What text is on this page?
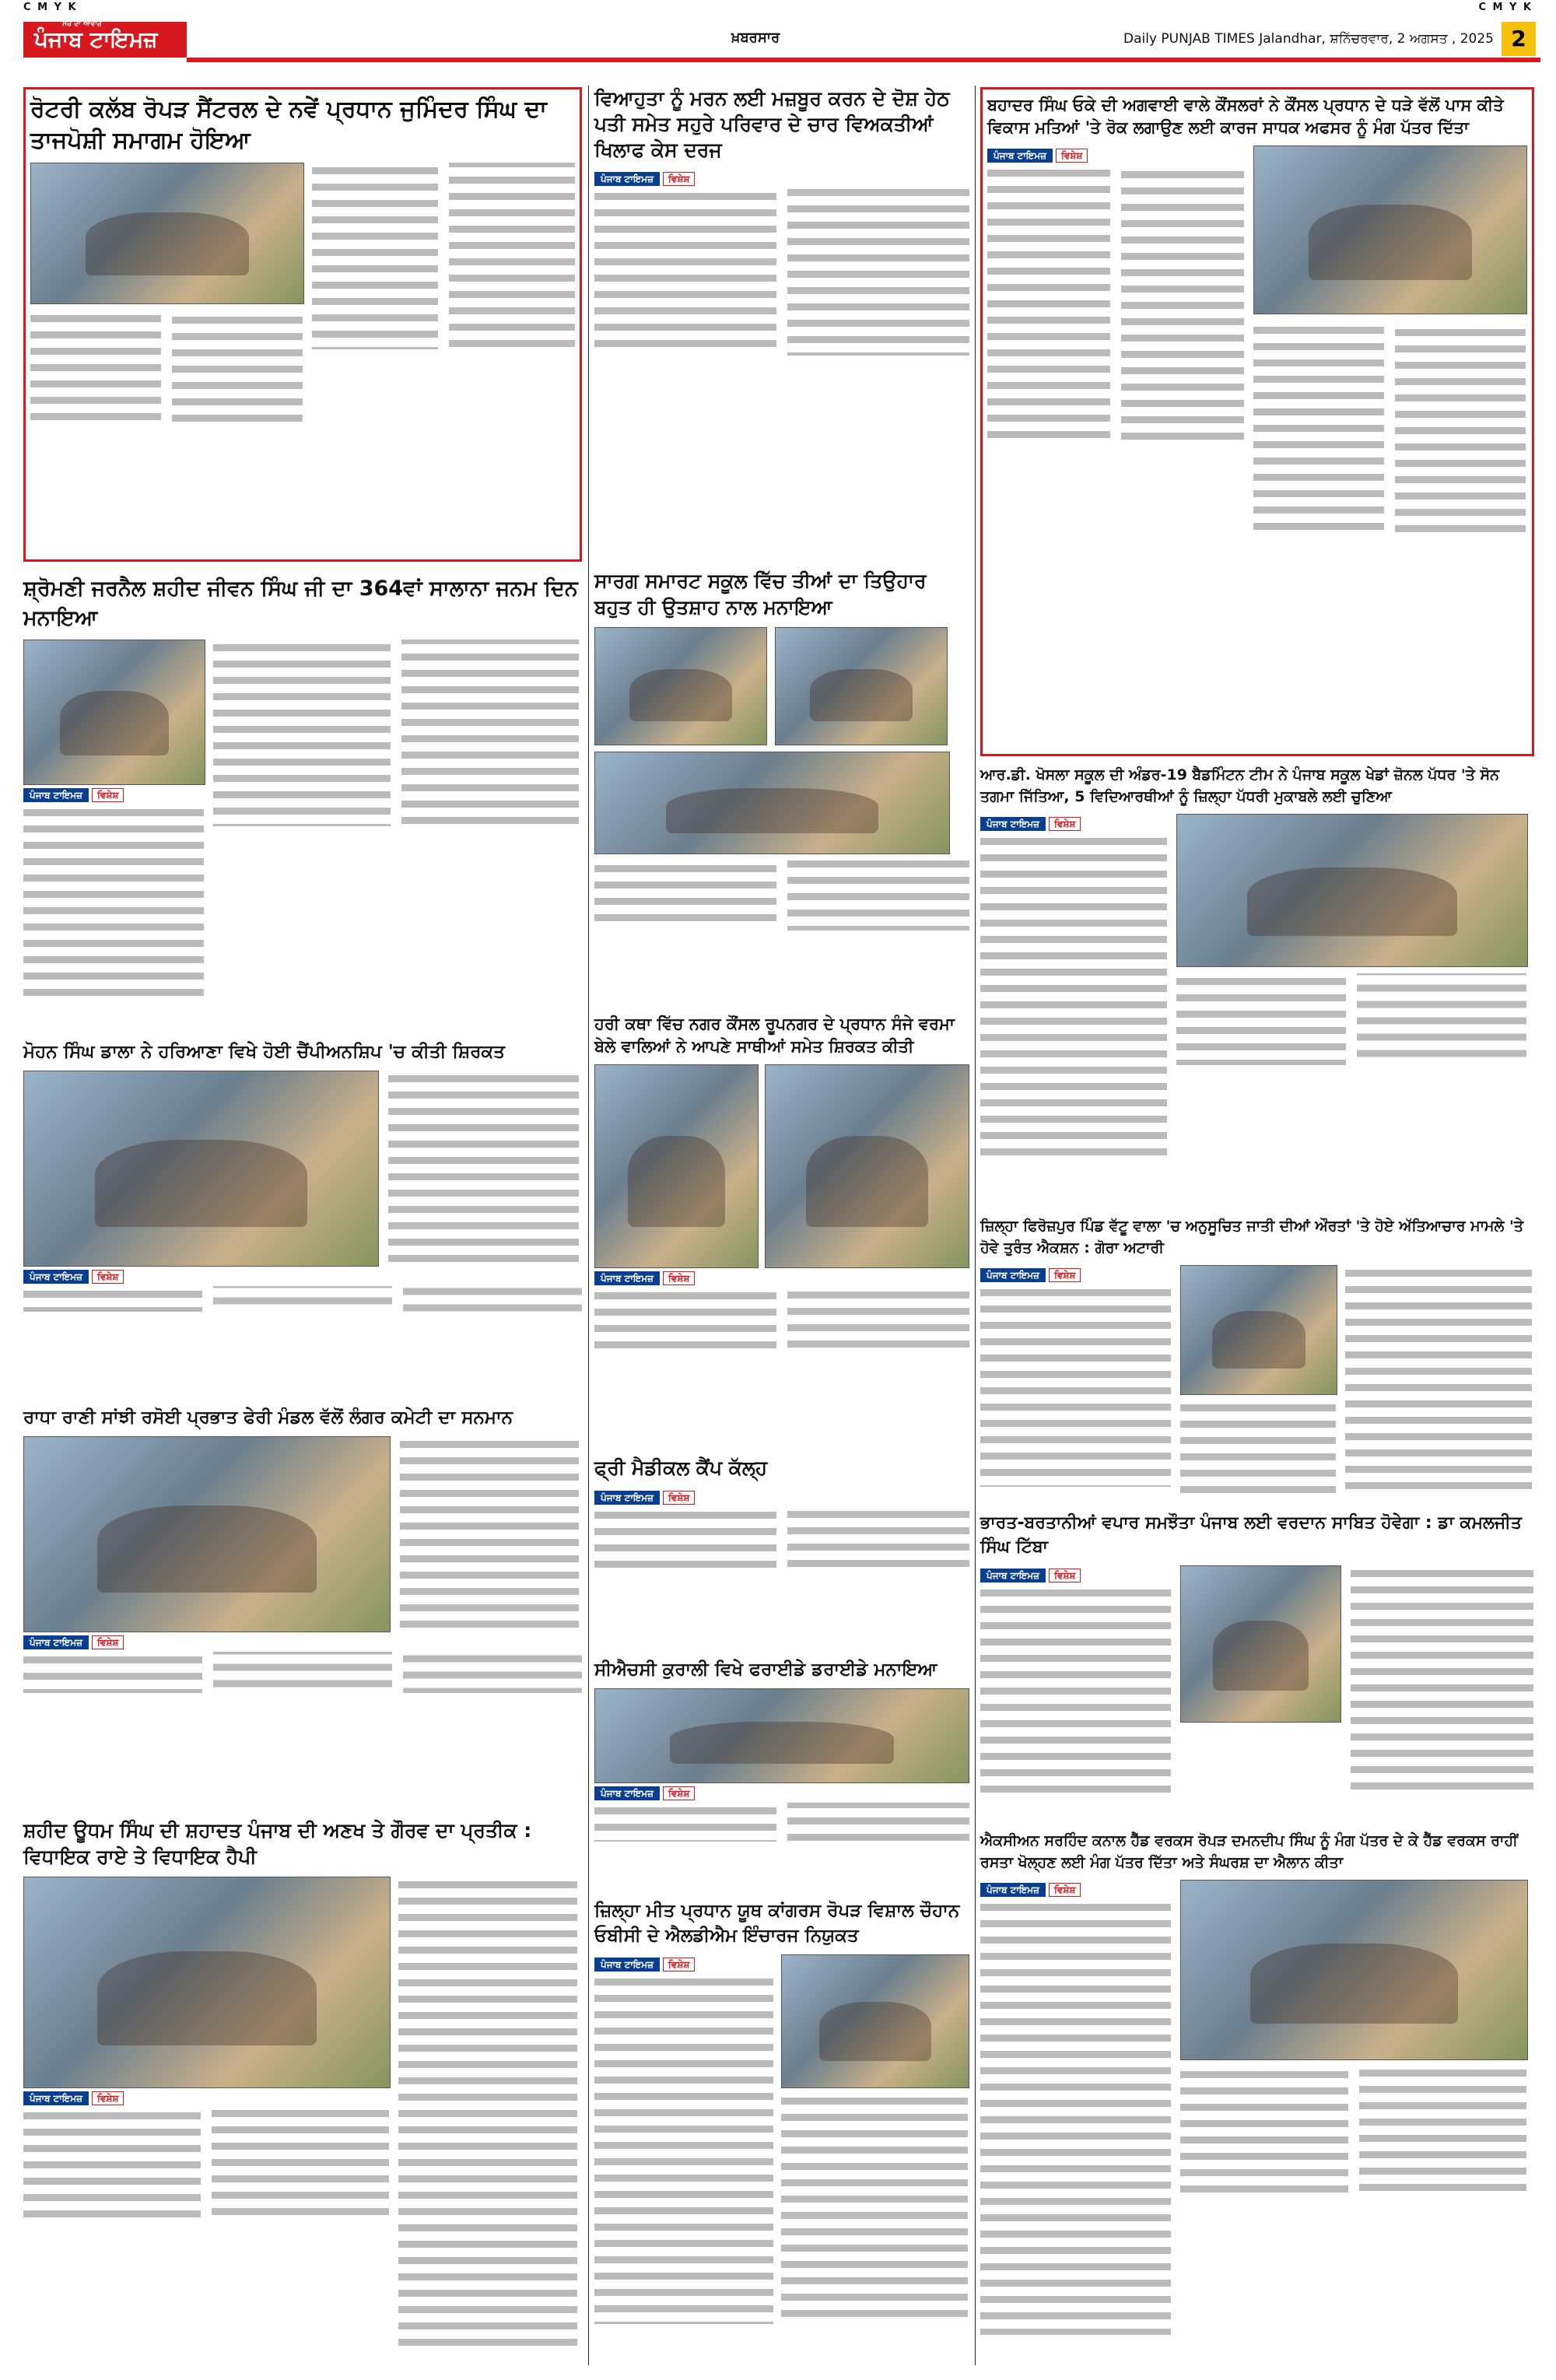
C M Y K	C M Y K
ਸੱਚ ਦਾ ਆਵਾਜ਼
ਪੰਜਾਬ ਟਾਇਮਜ਼	ਖ਼ਬਰਸਾਰ	Daily PUNJAB TIMES Jalandhar, ਸ਼ਨਿੱਚਰਵਾਰ, 2 ਅਗਸਤ , 2025 2
ਰੋਟਰੀ ਕਲੱਬ ਰੋਪੜ ਸੈਂਟਰਲ ਦੇ ਨਵੇਂ ਪ੍ਰਧਾਨ ਜੁਮਿੰਦਰ ਸਿੰਘ ਦਾ ਤਾਜਪੋਸ਼ੀ ਸਮਾਗਮ ਹੋਇਆ
ਵਿਆਹੁਤਾ ਨੂੰ ਮਰਨ ਲਈ ਮਜ਼ਬੂਰ ਕਰਨ ਦੇ ਦੋਸ਼ ਹੇਠ ਪਤੀ ਸਮੇਤ ਸਹੁਰੇ ਪਰਿਵਾਰ ਦੇ ਚਾਰ ਵਿਅਕਤੀਆਂ ਖਿਲਾਫ ਕੇਸ ਦਰਜ
ਪੰਜਾਬ ਟਾਇਮਜ਼ ਵਿਸ਼ੇਸ਼
ਬਹਾਦਰ ਸਿੰਘ ਓਕੇ ਦੀ ਅਗਵਾਈ ਵਾਲੇ ਕੌਂਸਲਰਾਂ ਨੇ ਕੌਂਸਲ ਪ੍ਰਧਾਨ ਦੇ ਧੜੇ ਵੱਲੋਂ ਪਾਸ ਕੀਤੇ ਵਿਕਾਸ ਮਤਿਆਂ 'ਤੇ ਰੋਕ ਲਗਾਉਣ ਲਈ ਕਾਰਜ ਸਾਧਕ ਅਫਸਰ ਨੂੰ ਮੰਗ ਪੱਤਰ ਦਿੱਤਾ
ਪੰਜਾਬ ਟਾਇਮਜ਼ ਵਿਸ਼ੇਸ਼
ਸ਼੍ਰੋਮਣੀ ਜਰਨੈਲ ਸ਼ਹੀਦ ਜੀਵਨ ਸਿੰਘ ਜੀ ਦਾ 364ਵਾਂ ਸਾਲਾਨਾ ਜਨਮ ਦਿਨ ਮਨਾਇਆ
ਪੰਜਾਬ ਟਾਇਮਜ਼ ਵਿਸ਼ੇਸ਼
ਸਾਰਗ ਸਮਾਰਟ ਸਕੂਲ ਵਿੱਚ ਤੀਆਂ ਦਾ ਤਿਉਹਾਰ ਬਹੁਤ ਹੀ ਉਤਸ਼ਾਹ ਨਾਲ ਮਨਾਇਆ
ਆਰ.ਡੀ. ਖੋਸਲਾ ਸਕੂਲ ਦੀ ਅੰਡਰ-19 ਬੈਡਮਿੰਟਨ ਟੀਮ ਨੇ ਪੰਜਾਬ ਸਕੂਲ ਖੇਡਾਂ ਜ਼ੋਨਲ ਪੱਧਰ 'ਤੇ ਸੋਨ ਤਗਮਾ ਜਿੱਤਿਆ, 5 ਵਿਦਿਆਰਥੀਆਂ ਨੂੰ ਜ਼ਿਲ੍ਹਾ ਪੱਧਰੀ ਮੁਕਾਬਲੇ ਲਈ ਚੁਣਿਆ
ਪੰਜਾਬ ਟਾਇਮਜ਼ ਵਿਸ਼ੇਸ਼
ਮੋਹਨ ਸਿੰਘ ਡਾਲਾ ਨੇ ਹਰਿਆਣਾ ਵਿਖੇ ਹੋਈ ਚੈਂਪੀਅਨਸ਼ਿਪ 'ਚ ਕੀਤੀ ਸ਼ਿਰਕਤ
ਪੰਜਾਬ ਟਾਇਮਜ਼ ਵਿਸ਼ੇਸ਼
ਹਰੀ ਕਥਾ ਵਿੱਚ ਨਗਰ ਕੌਂਸਲ ਰੂਪਨਗਰ ਦੇ ਪ੍ਰਧਾਨ ਸੰਜੇ ਵਰਮਾ ਬੇਲੇ ਵਾਲਿਆਂ ਨੇ ਆਪਣੇ ਸਾਥੀਆਂ ਸਮੇਤ ਸ਼ਿਰਕਤ ਕੀਤੀ
ਪੰਜਾਬ ਟਾਇਮਜ਼ ਵਿਸ਼ੇਸ਼
ਜ਼ਿਲ੍ਹਾ ਫਿਰੋਜ਼ਪੁਰ ਪਿੰਡ ਵੱਟੂ ਵਾਲਾ 'ਚ ਅਨੁਸੂਚਿਤ ਜਾਤੀ ਦੀਆਂ ਔਰਤਾਂ 'ਤੇ ਹੋਏ ਅੱਤਿਆਚਾਰ ਮਾਮਲੇ 'ਤੇ ਹੋਵੇ ਤੁਰੰਤ ਐਕਸ਼ਨ : ਗੋਰਾ ਅਟਾਰੀ
ਪੰਜਾਬ ਟਾਇਮਜ਼ ਵਿਸ਼ੇਸ਼
ਰਾਧਾ ਰਾਣੀ ਸਾਂਝੀ ਰਸੋਈ ਪ੍ਰਭਾਤ ਫੇਰੀ ਮੰਡਲ ਵੱਲੋਂ ਲੰਗਰ ਕਮੇਟੀ ਦਾ ਸਨਮਾਨ
ਪੰਜਾਬ ਟਾਇਮਜ਼ ਵਿਸ਼ੇਸ਼
ਫ੍ਰੀ ਮੈਡੀਕਲ ਕੈਂਪ ਕੱਲ੍ਹ
ਪੰਜਾਬ ਟਾਇਮਜ਼ ਵਿਸ਼ੇਸ਼
ਭਾਰਤ-ਬਰਤਾਨੀਆਂ ਵਪਾਰ ਸਮਝੌਤਾ ਪੰਜਾਬ ਲਈ ਵਰਦਾਨ ਸਾਬਿਤ ਹੋਵੇਗਾ : ਡਾ ਕਮਲਜੀਤ ਸਿੰਘ ਟਿੱਬਾ
ਪੰਜਾਬ ਟਾਇਮਜ਼ ਵਿਸ਼ੇਸ਼
ਸੀਐਚਸੀ ਕੁਰਾਲੀ ਵਿਖੇ ਫਰਾਈਡੇ ਡਰਾਈਡੇ ਮਨਾਇਆ
ਪੰਜਾਬ ਟਾਇਮਜ਼ ਵਿਸ਼ੇਸ਼
ਸ਼ਹੀਦ ਊਧਮ ਸਿੰਘ ਦੀ ਸ਼ਹਾਦਤ ਪੰਜਾਬ ਦੀ ਅਣਖ ਤੇ ਗੌਰਵ ਦਾ ਪ੍ਰਤੀਕ : ਵਿਧਾਇਕ ਰਾਏ ਤੇ ਵਿਧਾਇਕ ਹੈਪੀ
ਪੰਜਾਬ ਟਾਇਮਜ਼ ਵਿਸ਼ੇਸ਼
ਜ਼ਿਲ੍ਹਾ ਮੀਤ ਪ੍ਰਧਾਨ ਯੂਥ ਕਾਂਗਰਸ ਰੋਪੜ ਵਿਸ਼ਾਲ ਚੌਹਾਨ ਓਬੀਸੀ ਦੇ ਐਲਡੀਐਮ ਇੰਚਾਰਜ ਨਿਯੁਕਤ
ਪੰਜਾਬ ਟਾਇਮਜ਼ ਵਿਸ਼ੇਸ਼
ਐਕਸੀਅਨ ਸਰਹਿੰਦ ਕਨਾਲ ਹੈੱਡ ਵਰਕਸ ਰੋਪੜ ਦਮਨਦੀਪ ਸਿੰਘ ਨੂੰ ਮੰਗ ਪੱਤਰ ਦੇ ਕੇ ਹੈੱਡ ਵਰਕਸ ਰਾਹੀਂ ਰਸਤਾ ਖੋਲ੍ਹਣ ਲਈ ਮੰਗ ਪੱਤਰ ਦਿੱਤਾ ਅਤੇ ਸੰਘਰਸ਼ ਦਾ ਐਲਾਨ ਕੀਤਾ
ਪੰਜਾਬ ਟਾਇਮਜ਼ ਵਿਸ਼ੇਸ਼
